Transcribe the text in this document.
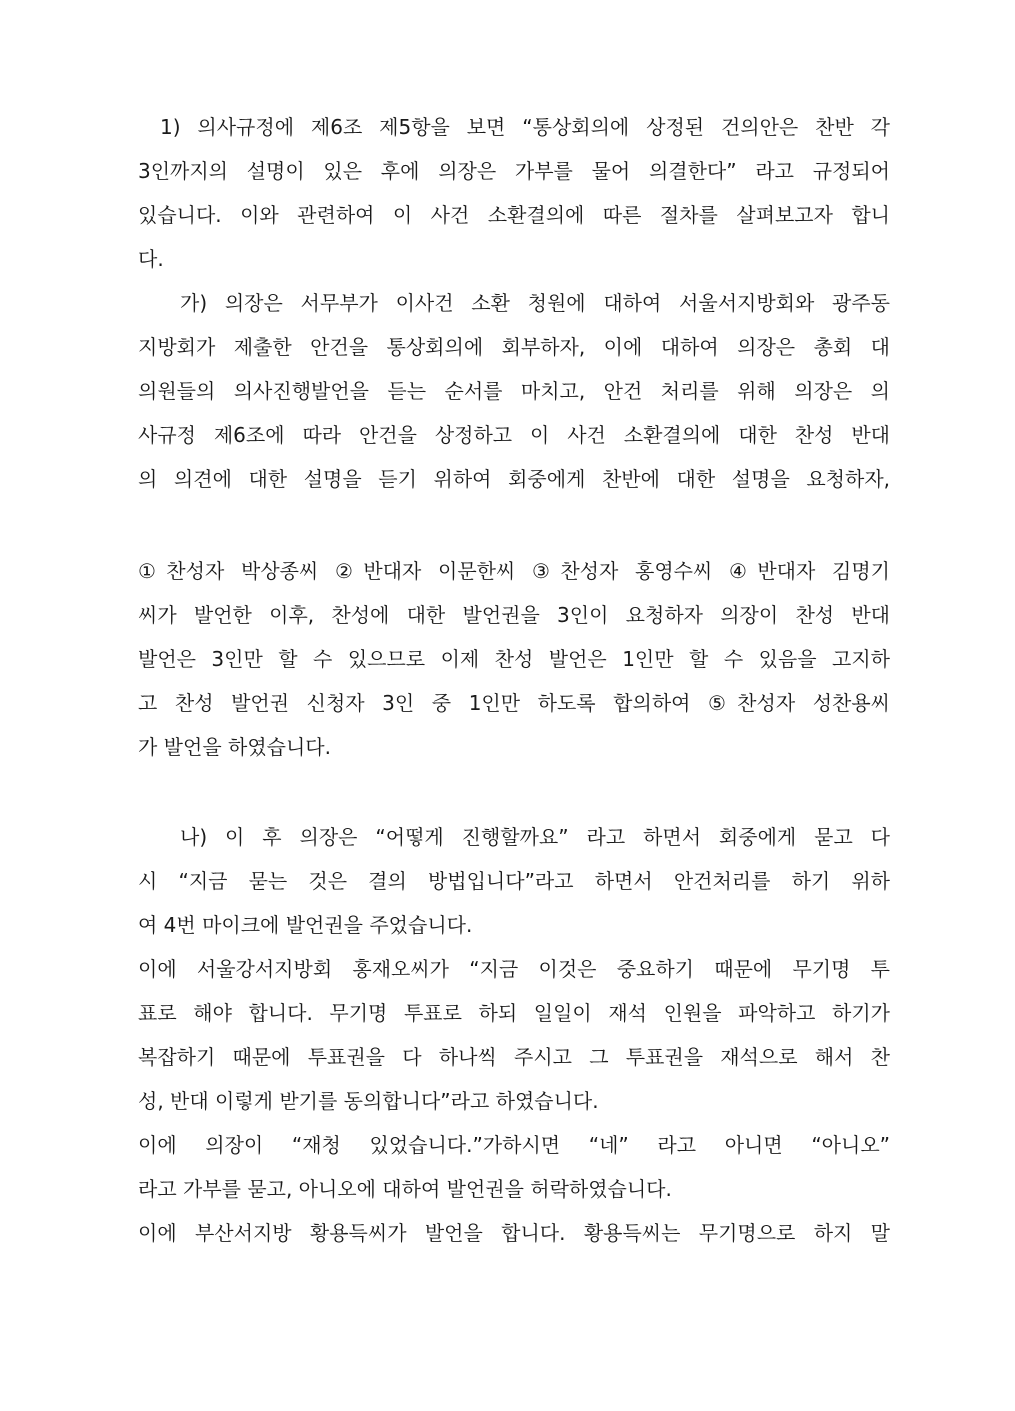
1) 의사규정에 제6조 제5항을 보면 “통상회의에 상정된 건의안은 찬반 각

3인까지의 설명이 있은 후에 의장은 가부를 물어 의결한다” 라고 규정되어

있습니다. 이와 관련하여 이 사건 소환결의에 따른 절차를 살펴보고자 합니

다.

가) 의장은 서무부가 이사건 소환 청원에 대하여 서울서지방회와 광주동

지방회가 제출한 안건을 통상회의에 회부하자, 이에 대하여 의장은 총회 대

의원들의 의사진행발언을 듣는 순서를 마치고, 안건 처리를 위해 의장은 의

사규정 제6조에 따라 안건을 상정하고 이 사건 소환결의에 대한 찬성 반대

의 의견에 대한 설명을 듣기 위하여 회중에게 찬반에 대한 설명을 요청하자,

①찬성자 박상종씨 ②반대자 이문한씨 ③찬성자 홍영수씨 ④반대자 김명기

씨가 발언한 이후, 찬성에 대한 발언권을 3인이 요청하자 의장이 찬성 반대

발언은 3인만 할 수 있으므로 이제 찬성 발언은 1인만 할 수 있음을 고지하

고 찬성 발언권 신청자 3인 중 1인만 하도록 합의하여 ⑤찬성자 성찬용씨

가 발언을 하였습니다.

나) 이 후 의장은 “어떻게 진행할까요” 라고 하면서 회중에게 묻고 다

시 “지금 묻는 것은 결의 방법입니다”라고 하면서 안건처리를 하기 위하

여 4번 마이크에 발언권을 주었습니다.

이에 서울강서지방회 홍재오씨가 “지금 이것은 중요하기 때문에 무기명 투

표로 해야 합니다. 무기명 투표로 하되 일일이 재석 인원을 파악하고 하기가

복잡하기 때문에 투표권을 다 하나씩 주시고 그 투표권을 재석으로 해서 찬

성, 반대 이렇게 받기를 동의합니다”라고 하였습니다.

이에 의장이 “재청 있었습니다.”가하시면 “네” 라고 아니면 “아니오”

라고 가부를 묻고, 아니오에 대하여 발언권을 허락하였습니다.

이에 부산서지방 황용득씨가 발언을 합니다. 황용득씨는 무기명으로 하지 말
